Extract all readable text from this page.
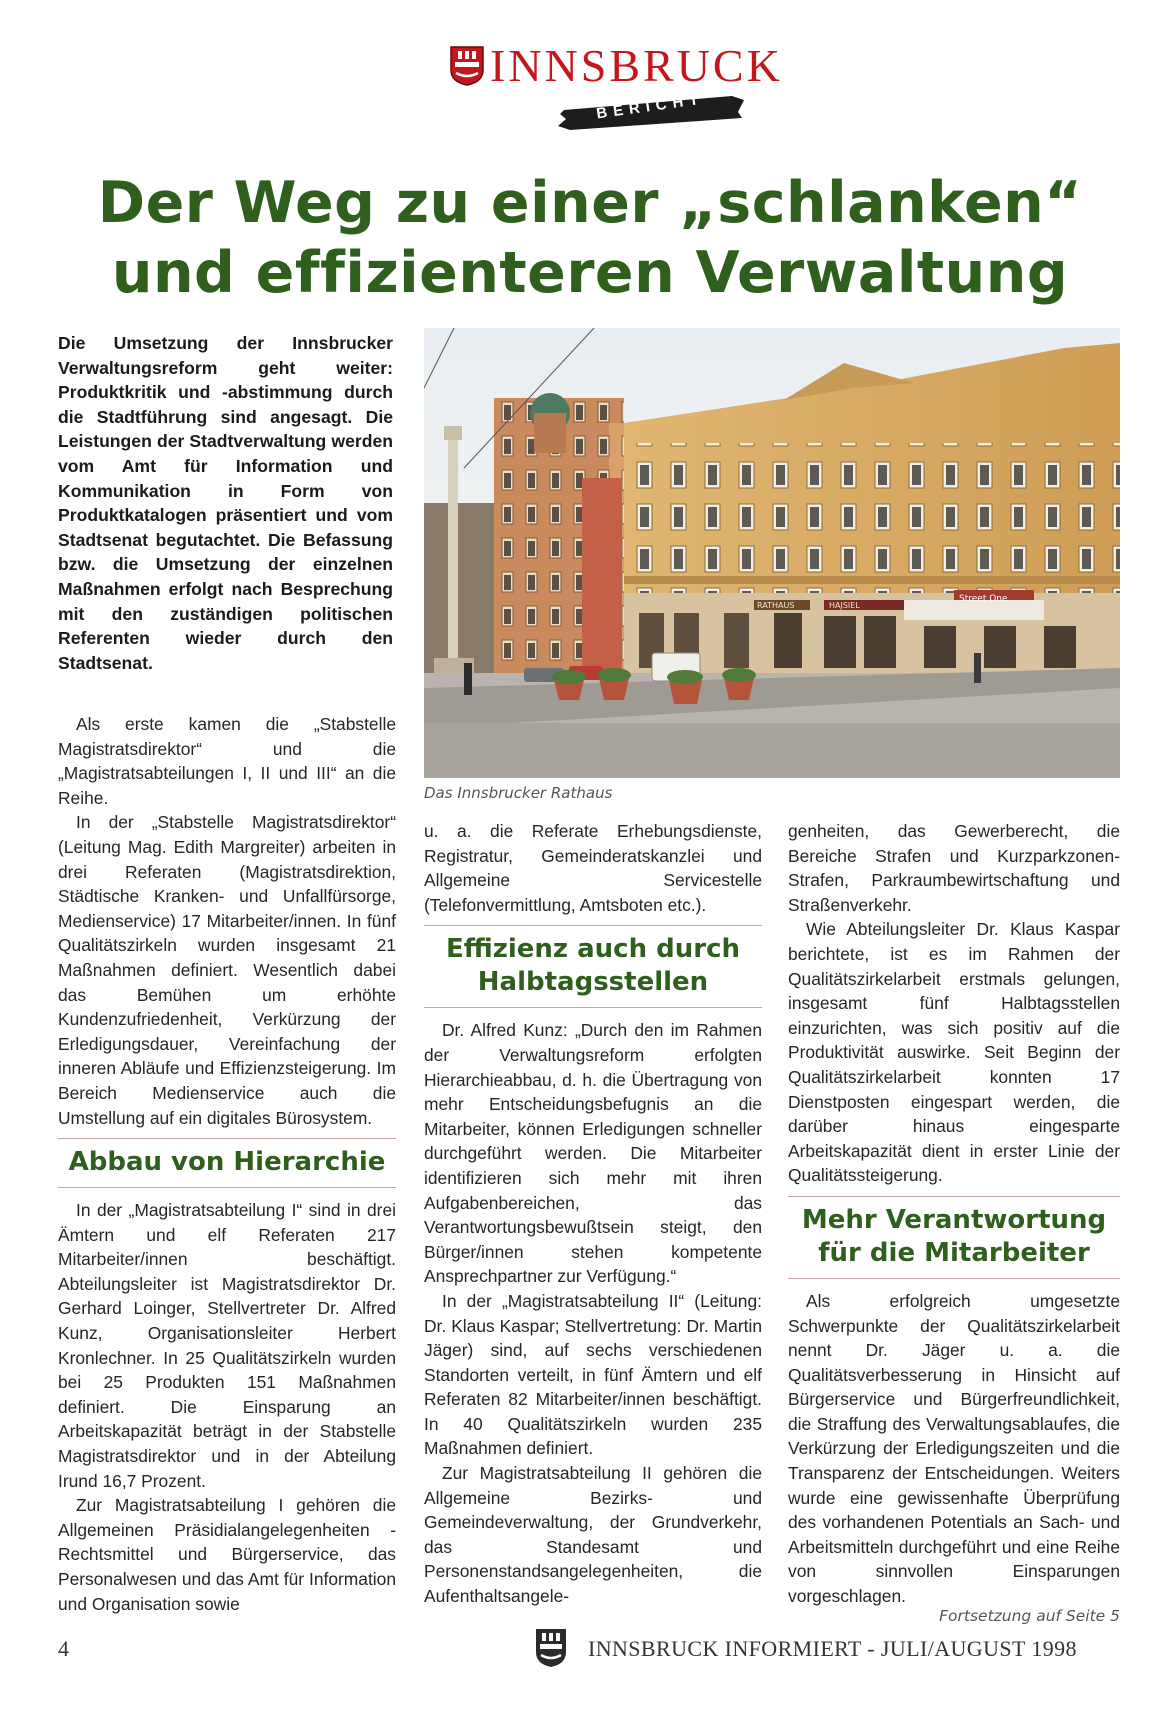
INNSBRUCK
BERICHT
Der Weg zu einer „schlanken“
und effizienteren Verwaltung

Die Umsetzung der Innsbrucker Verwaltungsreform geht weiter: Produktkritik und -abstimmung durch die Stadtführung sind angesagt. Die Leistungen der Stadtverwaltung werden vom Amt für Information und Kommunikation in Form von Produktkatalogen präsentiert und vom Stadtsenat begutachtet. Die Befassung bzw. die Umsetzung der einzelnen Maßnahmen erfolgt nach Besprechung mit den zuständigen politischen Referenten wieder durch den Stadtsenat.

RATHAUS	HAJSIEL
Street One
Das Innsbrucker Rathaus

Als erste kamen die „Stabstelle Magistratsdirektor“ und die „Magistratsabteilungen I, II und III“ an die Reihe.

In der „Stabstelle Magistratsdirektor“ (Leitung Mag. Edith Margreiter) arbeiten in drei Referaten (Magistratsdirektion, Städtische Kranken- und Unfallfürsorge, Medienservice) 17 Mitarbeiter/innen. In fünf Qualitätszirkeln wurden insgesamt 21 Maßnahmen definiert. Wesentlich dabei das Bemühen um erhöhte Kundenzufriedenheit, Verkürzung der Erledigungsdauer, Vereinfachung der inneren Abläufe und Effizienzsteigerung. Im Bereich Medienservice auch die Umstellung auf ein digitales Bürosystem.

Abbau von Hierarchie

In der „Magistratsabteilung I“ sind in drei Ämtern und elf Referaten 217 Mitarbeiter/innen beschäftigt. Abteilungsleiter ist Magistratsdirektor Dr. Gerhard Loinger, Stellvertreter Dr. Alfred Kunz, Organisationsleiter Herbert Kronlechner. In 25 Qualitätszirkeln wurden bei 25 Produkten 151 Maßnahmen definiert. Die Einsparung an Arbeitskapazität beträgt in der Stabstelle Magistratsdirektor und in der Abteilung Irund 16,7 Prozent.

Zur Magistratsabteilung I gehören die Allgemeinen Präsidialangelegenheiten - Rechtsmittel und Bürgerservice, das Personalwesen und das Amt für Information und Organisation sowie

u. a. die Referate Erhebungsdienste, Registratur, Gemeinderatskanzlei und Allgemeine Servicestelle (Telefonvermittlung, Amtsboten etc.).

Effizienz auch durch Halbtagsstellen

Dr. Alfred Kunz: „Durch den im Rahmen der Verwaltungsreform erfolgten Hierarchieabbau, d. h. die Übertragung von mehr Entscheidungsbefugnis an die Mitarbeiter, können Erledigungen schneller durchgeführt werden. Die Mitarbeiter identifizieren sich mehr mit ihren Aufgabenbereichen, das Verantwortungsbewußtsein steigt, den Bürger/innen stehen kompetente Ansprechpartner zur Verfügung.“

In der „Magistratsabteilung II“ (Leitung: Dr. Klaus Kaspar; Stellvertretung: Dr. Martin Jäger) sind, auf sechs verschiedenen Standorten verteilt, in fünf Ämtern und elf Referaten 82 Mitarbeiter/innen beschäftigt. In 40 Qualitätszirkeln wurden 235 Maßnahmen definiert.

Zur Magistratsabteilung II gehören die Allgemeine Bezirks- und Gemeindeverwaltung, der Grundverkehr, das Standesamt und Personenstandsangelegenheiten, die Aufenthaltsangele-

genheiten, das Gewerberecht, die Bereiche Strafen und Kurzparkzonen-Strafen, Parkraumbewirtschaftung und Straßenverkehr.

Wie Abteilungsleiter Dr. Klaus Kaspar berichtete, ist es im Rahmen der Qualitätszirkelarbeit erstmals gelungen, insgesamt fünf Halbtagsstellen einzurichten, was sich positiv auf die Produktivität auswirke. Seit Beginn der Qualitätszirkelarbeit konnten 17 Dienstposten eingespart werden, die darüber hinaus eingesparte Arbeitskapazität dient in erster Linie der Qualitätssteigerung.

Mehr Verantwortung für die Mitarbeiter

Als erfolgreich umgesetzte Schwerpunkte der Qualitätszirkelarbeit nennt Dr. Jäger u. a. die Qualitätsverbesserung in Hinsicht auf Bürgerservice und Bürgerfreundlichkeit, die Straffung des Verwaltungsablaufes, die Verkürzung der Erledigungszeiten und die Transparenz der Entscheidungen. Weiters wurde eine gewissenhafte Überprüfung des vorhandenen Potentials an Sach- und Arbeitsmitteln durchgeführt und eine Reihe von sinnvollen Einsparungen vorgeschlagen.

Fortsetzung auf Seite 5
4	INNSBRUCK INFORMIERT - JULI/AUGUST 1998
